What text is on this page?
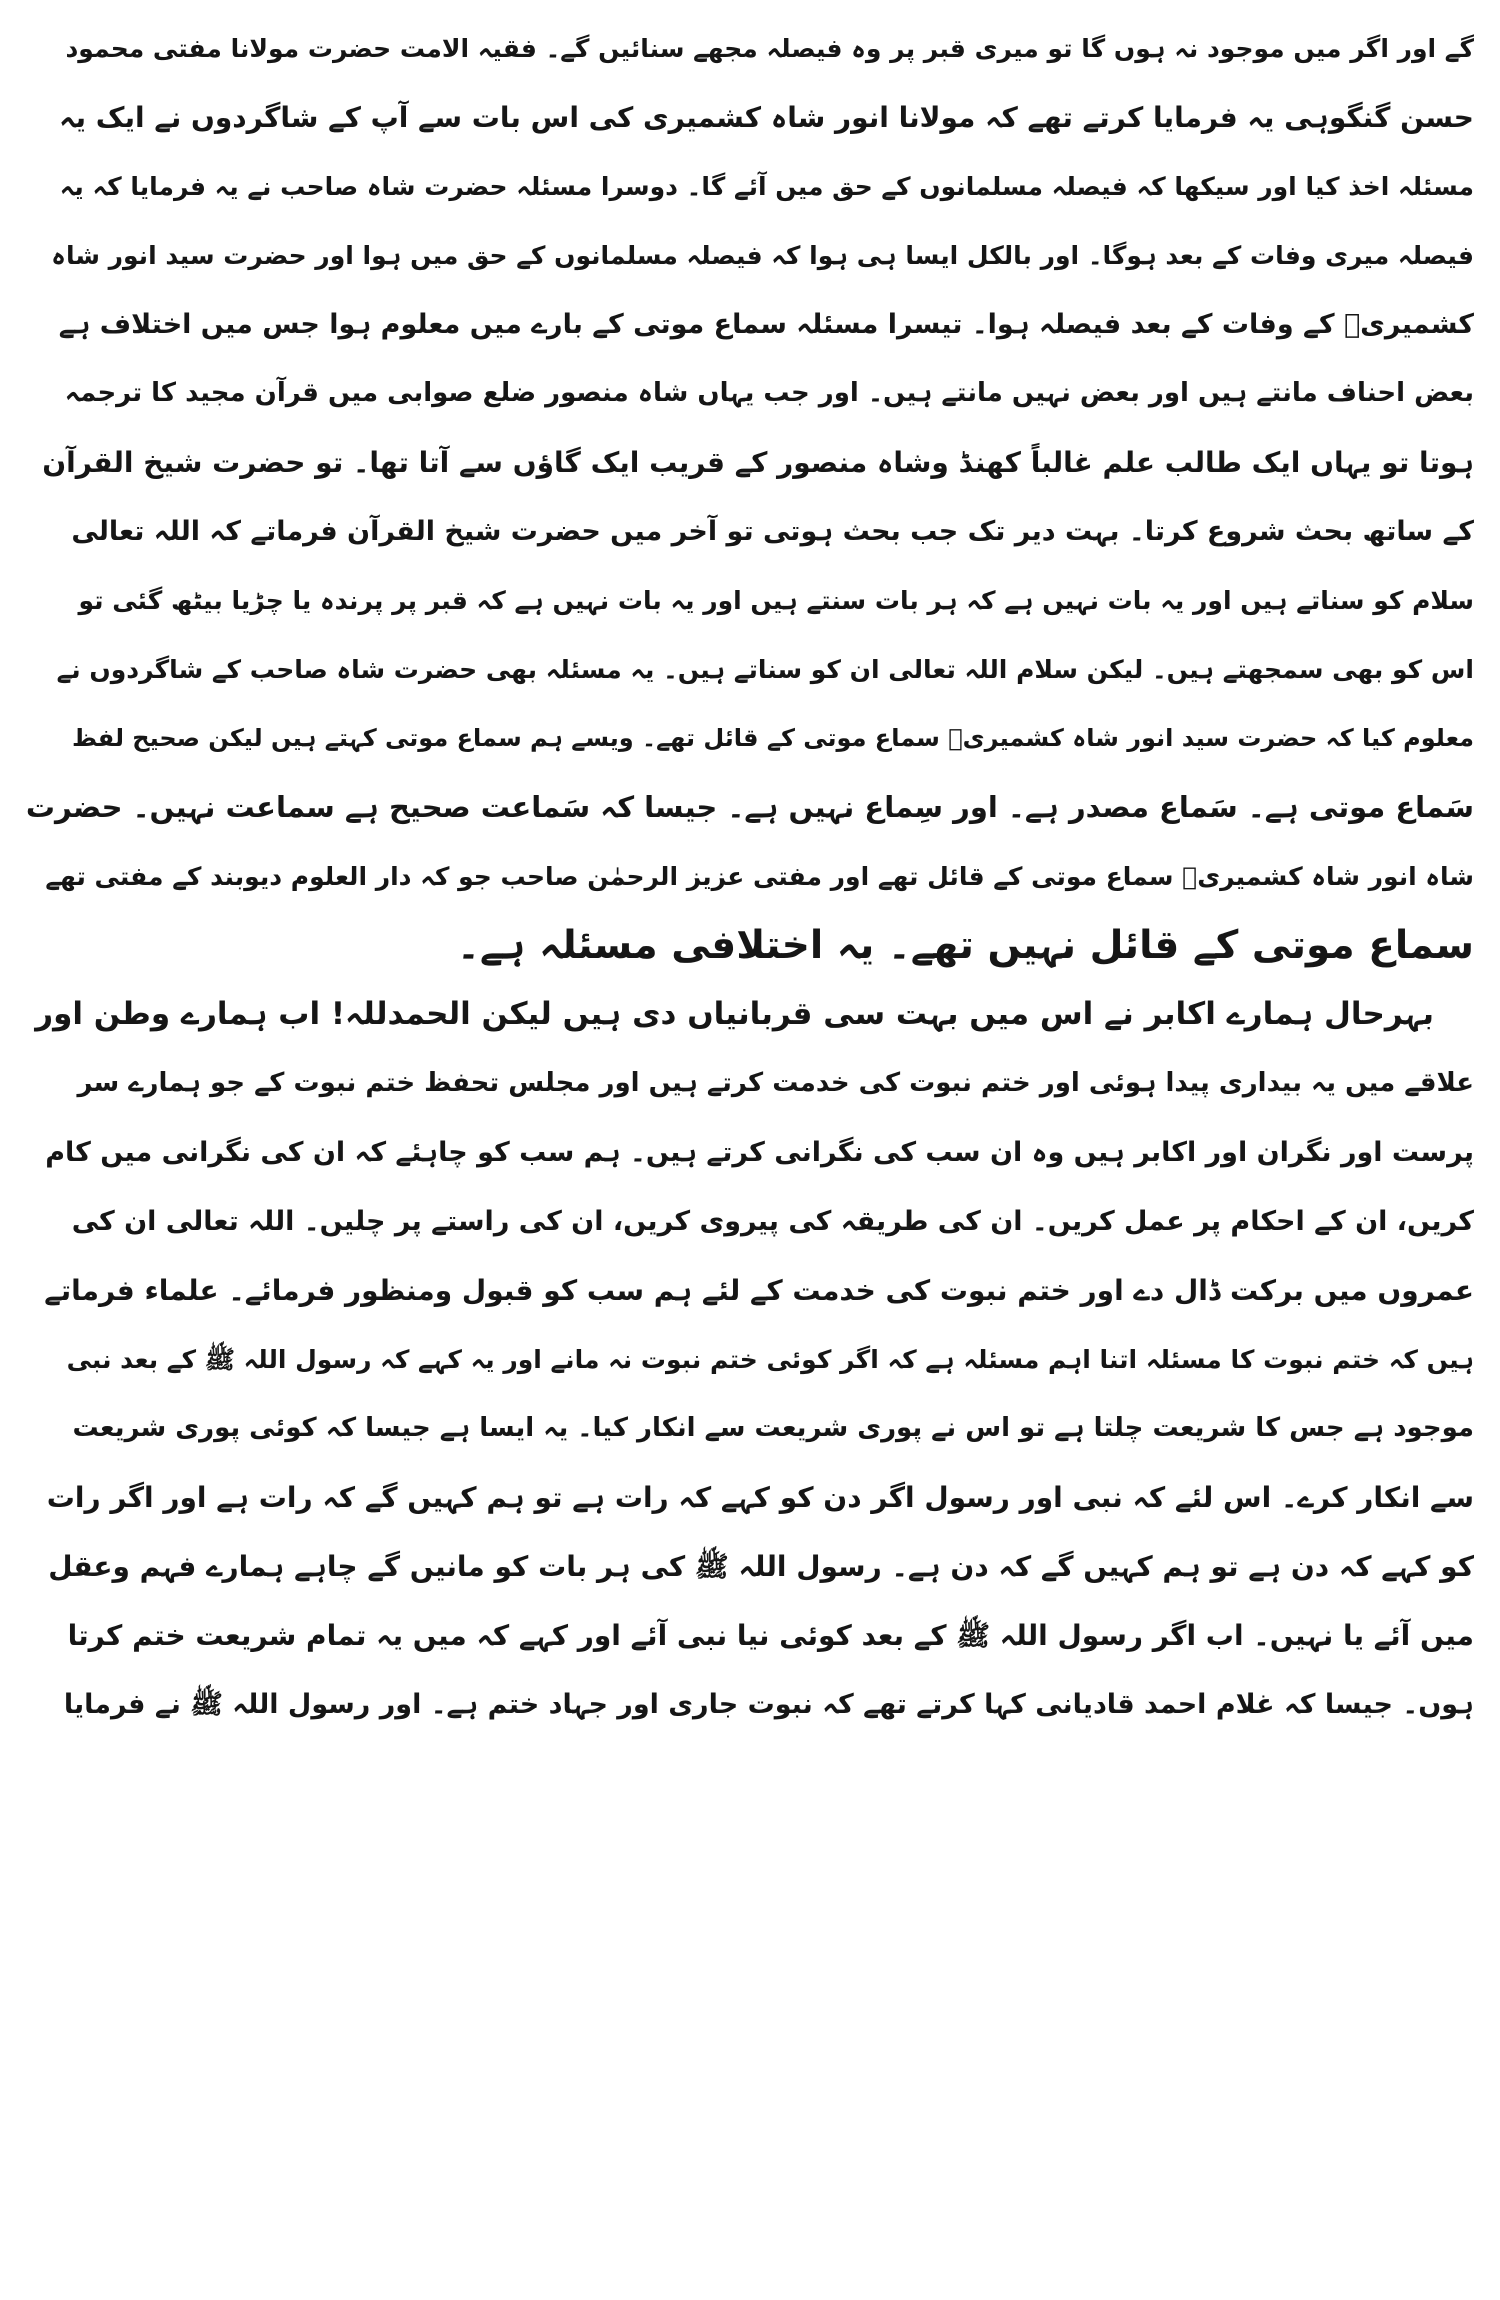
گے اور اگر میں موجود نہ ہوں گا تو میری قبر پر وہ فیصلہ مجھے سنائیں گے۔ فقیہ الامت حضرت مولانا مفتی محمود
حسن گنگوہی یہ فرمایا کرتے تھے کہ مولانا انور شاہ کشمیری کی اس بات سے آپ کے شاگردوں نے ایک یہ
مسئلہ اخذ کیا اور سیکھا کہ فیصلہ مسلمانوں کے حق میں آئے گا۔ دوسرا مسئلہ حضرت شاہ صاحب نے یہ فرمایا کہ یہ
فیصلہ میری وفات کے بعد ہوگا۔ اور بالکل ایسا ہی ہوا کہ فیصلہ مسلمانوں کے حق میں ہوا اور حضرت سید انور شاہ
کشمیریؒ کے وفات کے بعد فیصلہ ہوا۔ تیسرا مسئلہ سماع موتی کے بارے میں معلوم ہوا جس میں اختلاف ہے
بعض احناف مانتے ہیں اور بعض نہیں مانتے ہیں۔ اور جب یہاں شاہ منصور ضلع صوابی میں قرآن مجید کا ترجمہ
ہوتا تو یہاں ایک طالب علم غالباً کھنڈ وشاہ منصور کے قریب ایک گاؤں سے آتا تھا۔ تو حضرت شیخ القرآن
کے ساتھ بحث شروع کرتا۔ بہت دیر تک جب بحث ہوتی تو آخر میں حضرت شیخ القرآن فرماتے کہ اللہ تعالی
سلام کو سناتے ہیں اور یہ بات نہیں ہے کہ ہر بات سنتے ہیں اور یہ بات نہیں ہے کہ قبر پر پرندہ یا چڑیا بیٹھ گئی تو
اس کو بھی سمجھتے ہیں۔ لیکن سلام اللہ تعالی ان کو سناتے ہیں۔ یہ مسئلہ بھی حضرت شاہ صاحب کے شاگردوں نے
معلوم کیا کہ حضرت سید انور شاہ کشمیریؒ سماع موتی کے قائل تھے۔ ویسے ہم سماع موتی کہتے ہیں لیکن صحیح لفظ
سَماع موتی ہے۔ سَماع مصدر ہے۔ اور سِماع نہیں ہے۔ جیسا کہ سَماعت صحیح ہے سماعت نہیں۔ حضرت
شاہ انور شاہ کشمیریؒ سماع موتی کے قائل تھے اور مفتی عزیز الرحمٰن صاحب جو کہ دار العلوم دیوبند کے مفتی تھے
سماع موتی کے قائل نہیں تھے۔ یہ اختلافی مسئلہ ہے۔
بہرحال ہمارے اکابر نے اس میں بہت سی قربانیاں دی ہیں لیکن الحمدللہ! اب ہمارے وطن اور
علاقے میں یہ بیداری پیدا ہوئی اور ختم نبوت کی خدمت کرتے ہیں اور مجلس تحفظ ختم نبوت کے جو ہمارے سر
پرست اور نگران اور اکابر ہیں وہ ان سب کی نگرانی کرتے ہیں۔ ہم سب کو چاہئے کہ ان کی نگرانی میں کام
کریں، ان کے احکام پر عمل کریں۔ ان کی طریقہ کی پیروی کریں، ان کی راستے پر چلیں۔ اللہ تعالی ان کی
عمروں میں برکت ڈال دے اور ختم نبوت کی خدمت کے لئے ہم سب کو قبول ومنظور فرمائے۔ علماء فرماتے
ہیں کہ ختم نبوت کا مسئلہ اتنا اہم مسئلہ ہے کہ اگر کوئی ختم نبوت نہ مانے اور یہ کہے کہ رسول اللہ ﷺ کے بعد نبی
موجود ہے جس کا شریعت چلتا ہے تو اس نے پوری شریعت سے انکار کیا۔ یہ ایسا ہے جیسا کہ کوئی پوری شریعت
سے انکار کرے۔ اس لئے کہ نبی اور رسول اگر دن کو کہے کہ رات ہے تو ہم کہیں گے کہ رات ہے اور اگر رات
کو کہے کہ دن ہے تو ہم کہیں گے کہ دن ہے۔ رسول اللہ ﷺ کی ہر بات کو مانیں گے چاہے ہمارے فہم وعقل
میں آئے یا نہیں۔ اب اگر رسول اللہ ﷺ کے بعد کوئی نیا نبی آئے اور کہے کہ میں یہ تمام شریعت ختم کرتا
ہوں۔ جیسا کہ غلام احمد قادیانی کہا کرتے تھے کہ نبوت جاری اور جہاد ختم ہے۔ اور رسول اللہ ﷺ نے فرمایا
